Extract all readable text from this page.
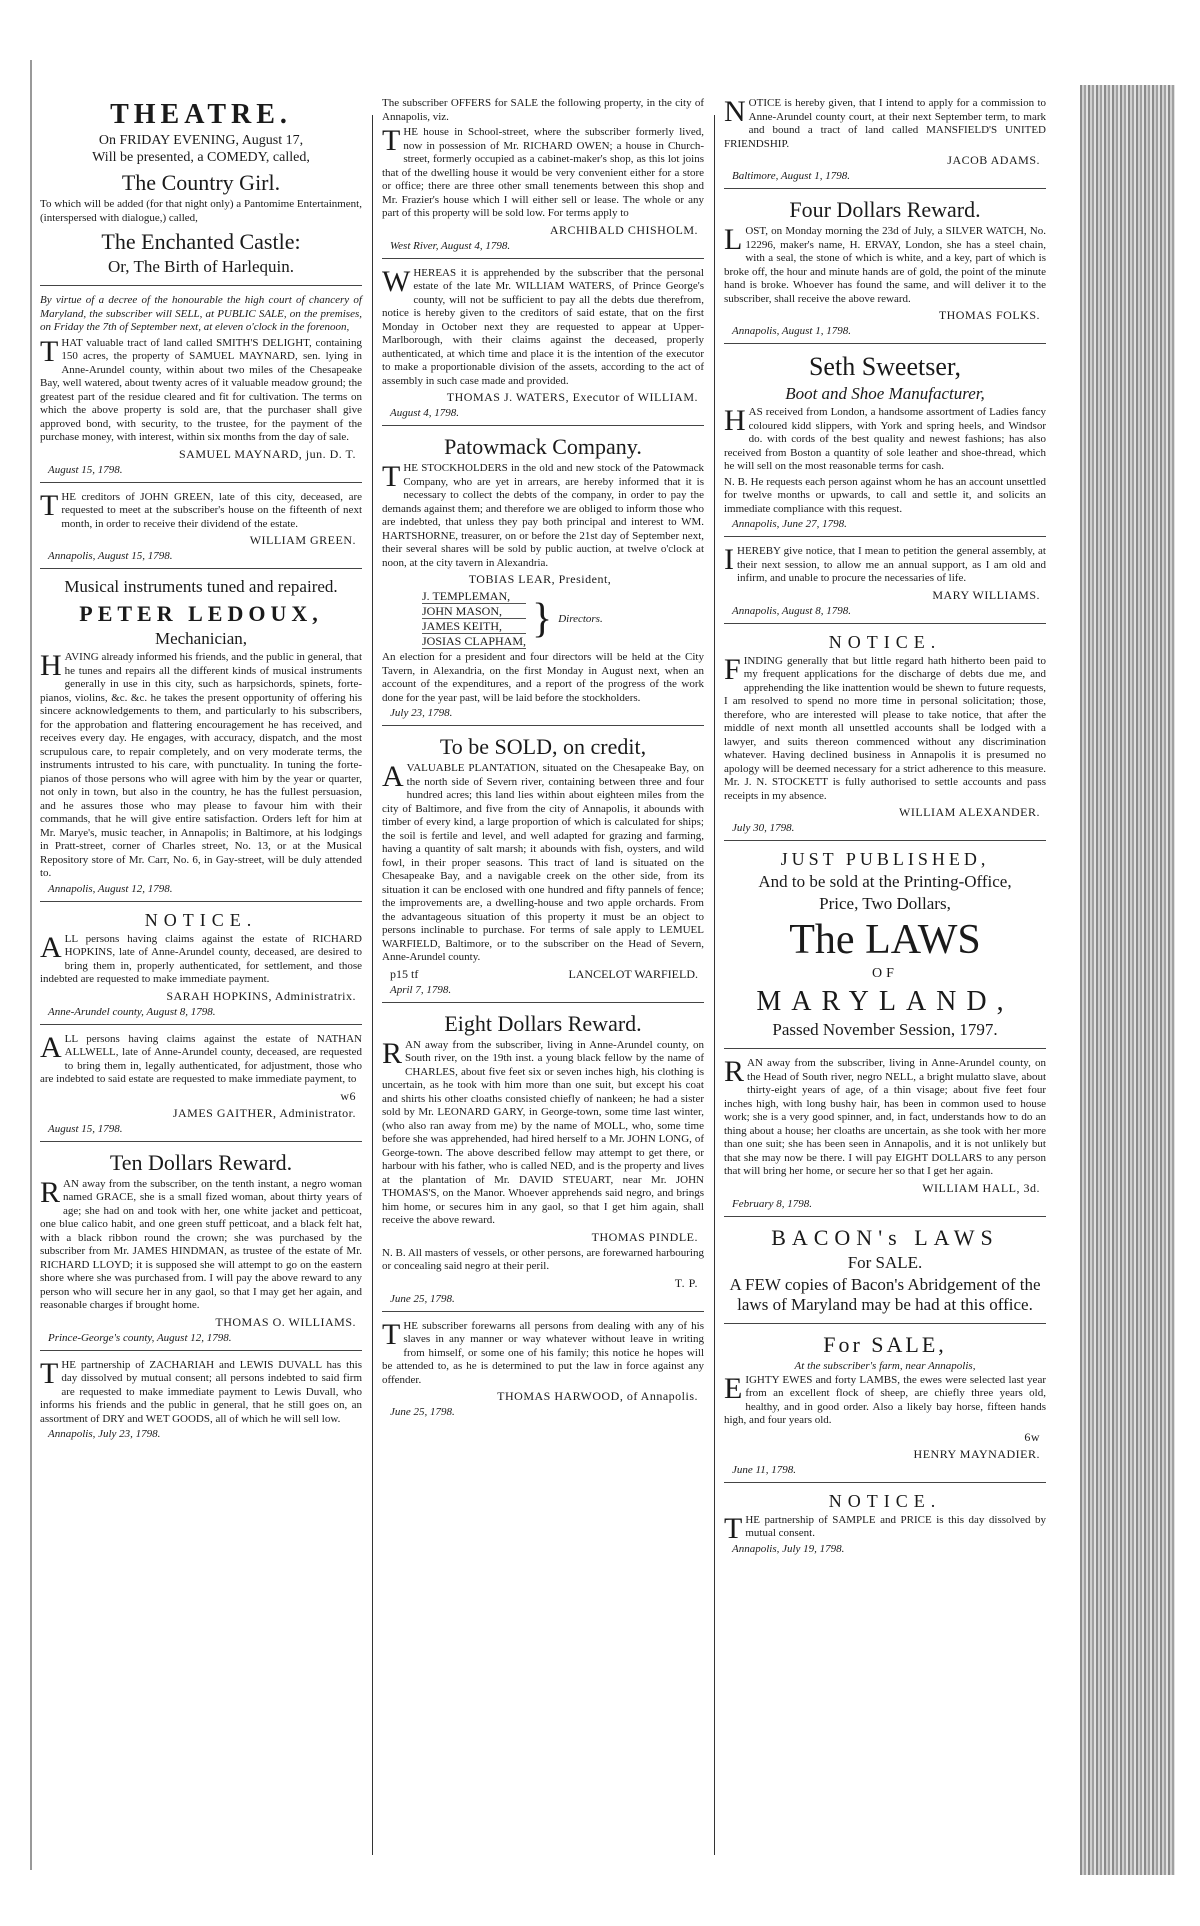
THEATRE.
On FRIDAY EVENING, August 17,
Will be presented, a COMEDY, called,
The Country Girl.

To which will be added (for that night only) a Pantomime Entertainment, (interspersed with dialogue,) called,

The Enchanted Castle:
Or, The Birth of Harlequin.

By virtue of a decree of the honourable the high court of chancery of Maryland, the subscriber will SELL, at PUBLIC SALE, on the premises, on Friday the 7th of September next, at eleven o'clock in the forenoon,

THAT valuable tract of land called SMITH'S DELIGHT, containing 150 acres, the property of SAMUEL MAYNARD, sen. lying in Anne-Arundel county, within about two miles of the Chesapeake Bay, well watered, about twenty acres of it valuable meadow ground; the greatest part of the residue cleared and fit for cultivation. The terms on which the above property is sold are, that the purchaser shall give approved bond, with security, to the trustee, for the payment of the purchase money, with interest, within six months from the day of sale.

SAMUEL MAYNARD, jun. D. T.
August 15, 1798.

THE creditors of JOHN GREEN, late of this city, deceased, are requested to meet at the subscriber's house on the fifteenth of next month, in order to receive their dividend of the estate.

WILLIAM GREEN.
Annapolis, August 15, 1798.
Musical instruments tuned and repaired.
PETER LEDOUX,
Mechanician,

HAVING already informed his friends, and the public in general, that he tunes and repairs all the different kinds of musical instruments generally in use in this city, such as harpsichords, spinets, forte-pianos, violins, &c. &c. he takes the present opportunity of offering his sincere acknowledgements to them, and particularly to his subscribers, for the approbation and flattering encouragement he has received, and receives every day. He engages, with accuracy, dispatch, and the most scrupulous care, to repair completely, and on very moderate terms, the instruments intrusted to his care, with punctuality. In tuning the forte-pianos of those persons who will agree with him by the year or quarter, not only in town, but also in the country, he has the fullest persuasion, and he assures those who may please to favour him with their commands, that he will give entire satisfaction. Orders left for him at Mr. Marye's, music teacher, in Annapolis; in Baltimore, at his lodgings in Pratt-street, corner of Charles street, No. 13, or at the Musical Repository store of Mr. Carr, No. 6, in Gay-street, will be duly attended to.

Annapolis, August 12, 1798.
NOTICE.

ALL persons having claims against the estate of RICHARD HOPKINS, late of Anne-Arundel county, deceased, are desired to bring them in, properly authenticated, for settlement, and those indebted are requested to make immediate payment.

SARAH HOPKINS, Administratrix.
Anne-Arundel county, August 8, 1798.

ALL persons having claims against the estate of NATHAN ALLWELL, late of Anne-Arundel county, deceased, are requested to bring them in, legally authenticated, for adjustment, those who are indebted to said estate are requested to make immediate payment, to

w6
JAMES GAITHER, Administrator.
August 15, 1798.
Ten Dollars Reward.

RAN away from the subscriber, on the tenth instant, a negro woman named GRACE, she is a small fized woman, about thirty years of age; she had on and took with her, one white jacket and petticoat, one blue calico habit, and one green stuff petticoat, and a black felt hat, with a black ribbon round the crown; she was purchased by the subscriber from Mr. JAMES HINDMAN, as trustee of the estate of Mr. RICHARD LLOYD; it is supposed she will attempt to go on the eastern shore where she was purchased from. I will pay the above reward to any person who will secure her in any gaol, so that I may get her again, and reasonable charges if brought home.

THOMAS O. WILLIAMS.
Prince-George's county, August 12, 1798.

THE partnership of ZACHARIAH and LEWIS DUVALL has this day dissolved by mutual consent; all persons indebted to said firm are requested to make immediate payment to Lewis Duvall, who informs his friends and the public in general, that he still goes on, an assortment of DRY and WET GOODS, all of which he will sell low.

Annapolis, July 23, 1798.

The subscriber OFFERS for SALE the following property, in the city of Annapolis, viz.

THE house in School-street, where the subscriber formerly lived, now in possession of Mr. RICHARD OWEN; a house in Church-street, formerly occupied as a cabinet-maker's shop, as this lot joins that of the dwelling house it would be very convenient either for a store or office; there are three other small tenements between this shop and Mr. Frazier's house which I will either sell or lease. The whole or any part of this property will be sold low. For terms apply to

ARCHIBALD CHISHOLM.
West River, August 4, 1798.

WHEREAS it is apprehended by the subscriber that the personal estate of the late Mr. WILLIAM WATERS, of Prince George's county, will not be sufficient to pay all the debts due therefrom, notice is hereby given to the creditors of said estate, that on the first Monday in October next they are requested to appear at Upper-Marlborough, with their claims against the deceased, properly authenticated, at which time and place it is the intention of the executor to make a proportionable division of the assets, according to the act of assembly in such case made and provided.

THOMAS J. WATERS, Executor of WILLIAM.
August 4, 1798.
Patowmack Company.

THE STOCKHOLDERS in the old and new stock of the Patowmack Company, who are yet in arrears, are hereby informed that it is necessary to collect the debts of the company, in order to pay the demands against them; and therefore we are obliged to inform those who are indebted, that unless they pay both principal and interest to WM. HARTSHORNE, treasurer, on or before the 21st day of September next, their several shares will be sold by public auction, at twelve o'clock at noon, at the city tavern in Alexandria.

TOBIAS LEAR, President,
J. TEMPLEMAN,
JOHN MASON,
JAMES KEITH,
JOSIAS CLAPHAM, } Directors.

An election for a president and four directors will be held at the City Tavern, in Alexandria, on the first Monday in August next, when an account of the expenditures, and a report of the progress of the work done for the year past, will be laid before the stockholders.

July 23, 1798.
To be SOLD, on credit,

AVALUABLE PLANTATION, situated on the Chesapeake Bay, on the north side of Severn river, containing between three and four hundred acres; this land lies within about eighteen miles from the city of Baltimore, and five from the city of Annapolis, it abounds with timber of every kind, a large proportion of which is calculated for ships; the soil is fertile and level, and well adapted for grazing and farming, having a quantity of salt marsh; it abounds with fish, oysters, and wild fowl, in their proper seasons. This tract of land is situated on the Chesapeake Bay, and a navigable creek on the other side, from its situation it can be enclosed with one hundred and fifty pannels of fence; the improvements are, a dwelling-house and two apple orchards. From the advantageous situation of this property it must be an object to persons inclinable to purchase. For terms of sale apply to LEMUEL WARFIELD, Baltimore, or to the subscriber on the Head of Severn, Anne-Arundel county.

p15 tf	LANCELOT WARFIELD.
April 7, 1798.
Eight Dollars Reward.

RAN away from the subscriber, living in Anne-Arundel county, on South river, on the 19th inst. a young black fellow by the name of CHARLES, about five feet six or seven inches high, his clothing is uncertain, as he took with him more than one suit, but except his coat and shirts his other cloaths consisted chiefly of nankeen; he had a sister sold by Mr. LEONARD GARY, in George-town, some time last winter, (who also ran away from me) by the name of MOLL, who, some time before she was apprehended, had hired herself to a Mr. JOHN LONG, of George-town. The above described fellow may attempt to get there, or harbour with his father, who is called NED, and is the property and lives at the plantation of Mr. DAVID STEUART, near Mr. JOHN THOMAS'S, on the Manor. Whoever apprehends said negro, and brings him home, or secures him in any gaol, so that I get him again, shall receive the above reward.

THOMAS PINDLE.

N. B. All masters of vessels, or other persons, are forewarned harbouring or concealing said negro at their peril.

T. P.
June 25, 1798.

THE subscriber forewarns all persons from dealing with any of his slaves in any manner or way whatever without leave in writing from himself, or some one of his family; this notice he hopes will be attended to, as he is determined to put the law in force against any offender.

THOMAS HARWOOD, of Annapolis.
June 25, 1798.

NOTICE is hereby given, that I intend to apply for a commission to Anne-Arundel county court, at their next September term, to mark and bound a tract of land called MANSFIELD'S UNITED FRIENDSHIP.

JACOB ADAMS.
Baltimore, August 1, 1798.
Four Dollars Reward.

LOST, on Monday morning the 23d of July, a SILVER WATCH, No. 12296, maker's name, H. ERVAY, London, she has a steel chain, with a seal, the stone of which is white, and a key, part of which is broke off, the hour and minute hands are of gold, the point of the minute hand is broke. Whoever has found the same, and will deliver it to the subscriber, shall receive the above reward.

THOMAS FOLKS.
Annapolis, August 1, 1798.
Seth Sweetser,
Boot and Shoe Manufacturer,

HAS received from London, a handsome assortment of Ladies fancy coloured kidd slippers, with York and spring heels, and Windsor do. with cords of the best quality and newest fashions; has also received from Boston a quantity of sole leather and shoe-thread, which he will sell on the most reasonable terms for cash.

N. B. He requests each person against whom he has an account unsettled for twelve months or upwards, to call and settle it, and solicits an immediate compliance with this request.

Annapolis, June 27, 1798.

IHEREBY give notice, that I mean to petition the general assembly, at their next session, to allow me an annual support, as I am old and infirm, and unable to procure the necessaries of life.

MARY WILLIAMS.
Annapolis, August 8, 1798.
NOTICE.

FINDING generally that but little regard hath hitherto been paid to my frequent applications for the discharge of debts due me, and apprehending the like inattention would be shewn to future requests, I am resolved to spend no more time in personal solicitation; those, therefore, who are interested will please to take notice, that after the middle of next month all unsettled accounts shall be lodged with a lawyer, and suits thereon commenced without any discrimination whatever. Having declined business in Annapolis it is presumed no apology will be deemed necessary for a strict adherence to this measure. Mr. J. N. STOCKETT is fully authorised to settle accounts and pass receipts in my absence.

WILLIAM ALEXANDER.
July 30, 1798.
JUST PUBLISHED,
And to be sold at the Printing-Office,
Price, Two Dollars,
The LAWS
OF
MARYLAND,
Passed November Session, 1797.

RAN away from the subscriber, living in Anne-Arundel county, on the Head of South river, negro NELL, a bright mulatto slave, about thirty-eight years of age, of a thin visage; about five feet four inches high, with long bushy hair, has been in common used to house work; she is a very good spinner, and, in fact, understands how to do an thing about a house; her cloaths are uncertain, as she took with her more than one suit; she has been seen in Annapolis, and it is not unlikely but that she may now be there. I will pay EIGHT DOLLARS to any person that will bring her home, or secure her so that I get her again.

WILLIAM HALL, 3d.
February 8, 1798.
BACON's LAWS
For SALE.
A FEW copies of Bacon's Abridgement of the laws of Maryland may be had at this office.
For SALE,
At the subscriber's farm, near Annapolis,

EIGHTY EWES and forty LAMBS, the ewes were selected last year from an excellent flock of sheep, are chiefly three years old, healthy, and in good order. Also a likely bay horse, fifteen hands high, and four years old.

6w
HENRY MAYNADIER.
June 11, 1798.
NOTICE.

THE partnership of SAMPLE and PRICE is this day dissolved by mutual consent.

Annapolis, July 19, 1798.
